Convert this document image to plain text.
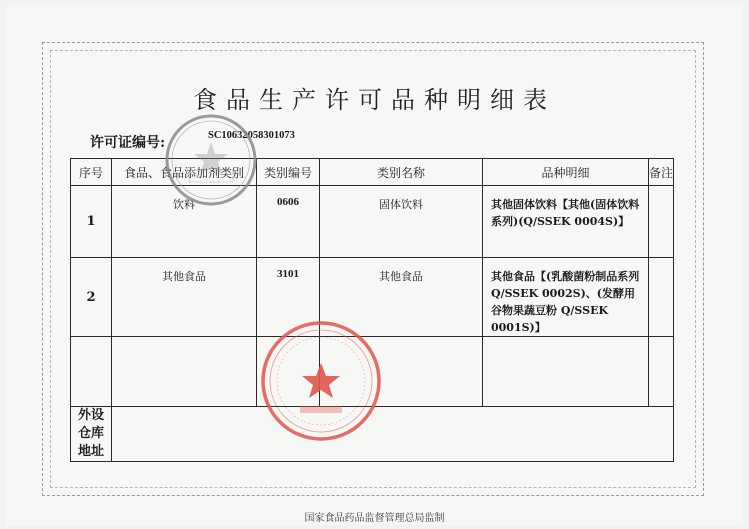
食品生产许可品种明细表
许可证编号:	SC10632058301073
序号	食品、食品添加剂类别	类别编号	类别名称	品种明细	备注
1	饮料	0606	固体饮料	其他固体饮料【其他(固体饮料系列)(Q/SSEK 0004S)】	
2	其他食品	3101	其他食品	其他食品【(乳酸菌粉制品系列 Q/SSEK 0002S)、(发酵用谷物果蔬豆粉 Q/SSEK 0001S)】	

外设仓库地址					
国家食品药品监督管理总局监制
